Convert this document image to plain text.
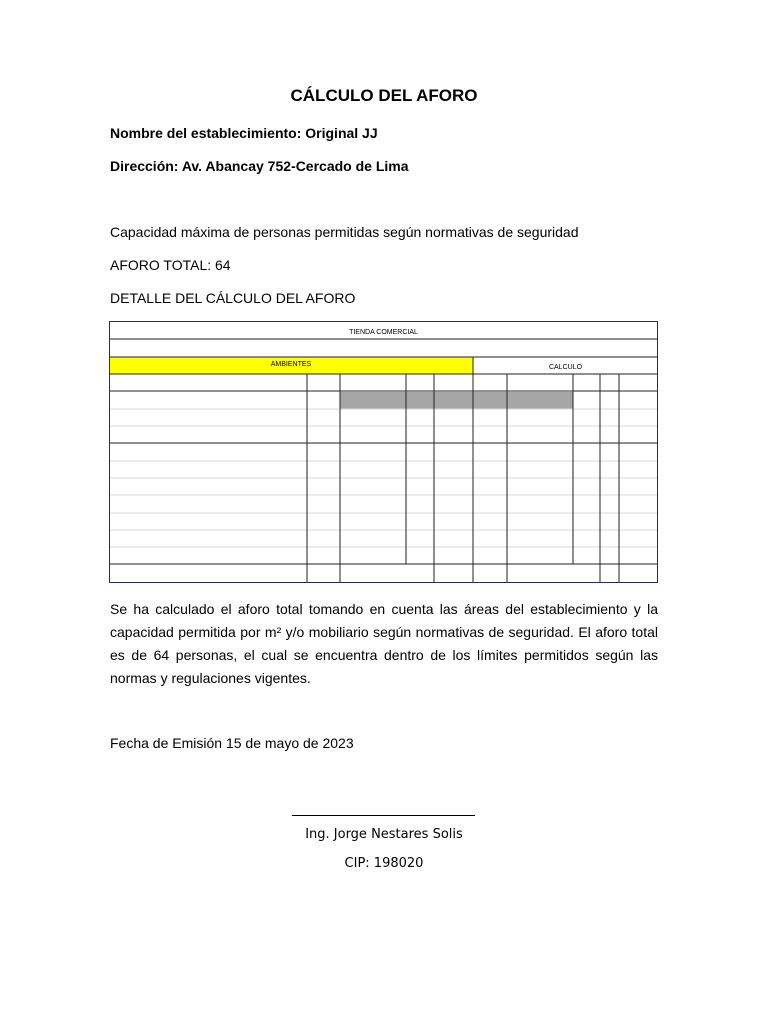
CÁLCULO DEL AFORO
Nombre del establecimiento: Original JJ
Dirección: Av. Abancay 752-Cercado de Lima
Capacidad máxima de personas permitidas según normativas de seguridad
AFORO TOTAL: 64
DETALLE DEL CÁLCULO DEL AFORO
TIENDA COMERCIAL
AMBIENTES	CALCULO
Se ha calculado el aforo total tomando en cuenta las áreas del establecimiento y la capacidad permitida por m² y/o mobiliario según normativas de seguridad. El aforo total es de 64 personas, el cual se encuentra dentro de los límites permitidos según las normas y regulaciones vigentes.
Fecha de Emisión 15 de mayo de 2023
Ing. Jorge Nestares Solis
CIP: 198020
